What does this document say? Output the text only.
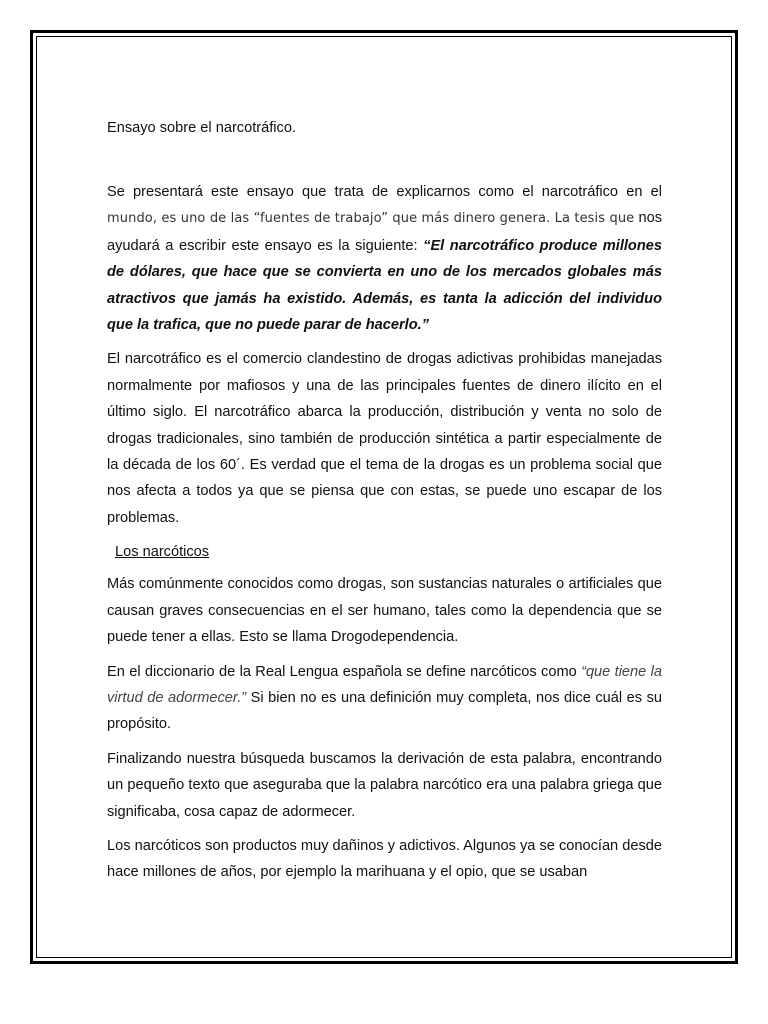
Ensayo sobre el narcotráfico.

Se presentará este ensayo que trata de explicarnos como el narcotráfico en el mundo, es uno de las “fuentes de trabajo” que más dinero genera. La tesis que nos ayudará a escribir este ensayo es la siguiente: “El narcotráfico produce millones de dólares, que hace que se convierta en uno de los mercados globales más atractivos que jamás ha existido. Además, es tanta la adicción del individuo que la trafica, que no puede parar de hacerlo.”

El narcotráfico es el comercio clandestino de drogas adictivas prohibidas manejadas normalmente por mafiosos y una de las principales fuentes de dinero ilícito en el último siglo. El narcotráfico abarca la producción, distribución y venta no solo de drogas tradicionales, sino también de producción sintética a partir especialmente de la década de los 60´. Es verdad que el tema de la drogas es un problema social que nos afecta a todos ya que se piensa que con estas, se puede uno escapar de los problemas.

Los narcóticos

Más comúnmente conocidos como drogas, son sustancias naturales o artificiales que causan graves consecuencias en el ser humano, tales como la dependencia que se puede tener a ellas. Esto se llama Drogodependencia.

En el diccionario de la Real Lengua española se define narcóticos como “que tiene la virtud de adormecer.” Si bien no es una definición muy completa, nos dice cuál es su propósito.

Finalizando nuestra búsqueda buscamos la derivación de esta palabra, encontrando un pequeño texto que aseguraba que la palabra narcótico era una palabra griega que significaba, cosa capaz de adormecer.

Los narcóticos son productos muy dañinos y adictivos. Algunos ya se conocían desde hace millones de años, por ejemplo la marihuana y el opio, que se usaban
